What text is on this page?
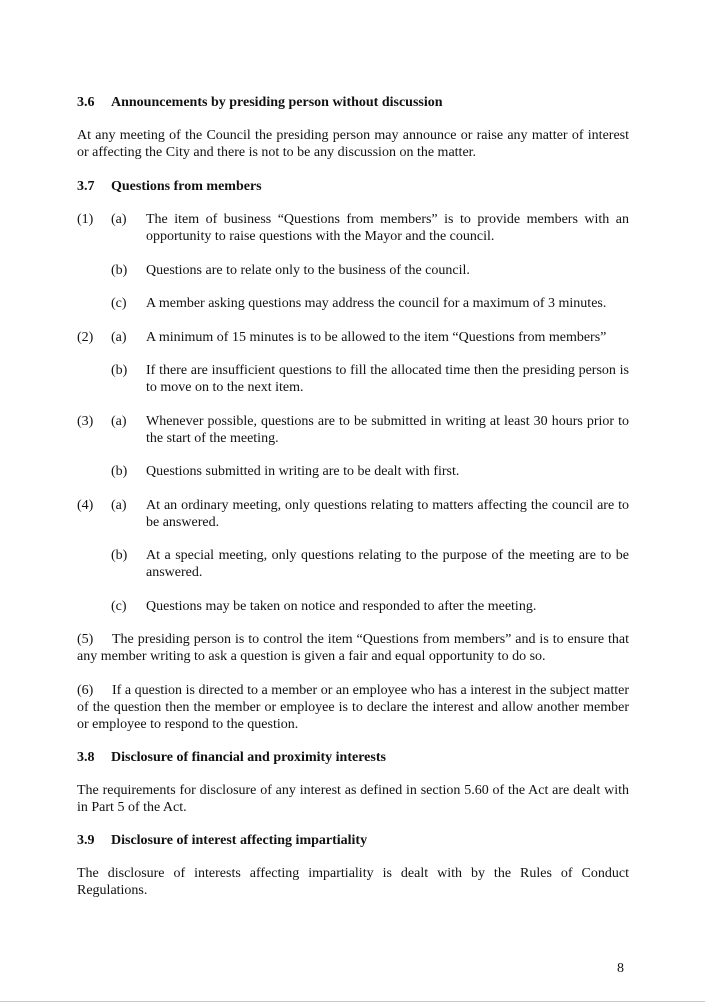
3.6 Announcements by presiding person without discussion

At any meeting of the Council the presiding person may announce or raise any matter of interest or affecting the City and there is not to be any discussion on the matter.

3.7 Questions from members
(1) (a) The item of business “Questions from members” is to provide members with an opportunity to raise questions with the Mayor and the council.
(b) Questions are to relate only to the business of the council.
(c) A member asking questions may address the council for a maximum of 3 minutes.
(2) (a) A minimum of 15 minutes is to be allowed to the item “Questions from members”
(b) If there are insufficient questions to fill the allocated time then the presiding person is to move on to the next item.
(3) (a) Whenever possible, questions are to be submitted in writing at least 30 hours prior to the start of the meeting.
(b) Questions submitted in writing are to be dealt with first.
(4) (a) At an ordinary meeting, only questions relating to matters affecting the council are to be answered.
(b) At a special meeting, only questions relating to the purpose of the meeting are to be answered.
(c) Questions may be taken on notice and responded to after the meeting.

(5) The presiding person is to control the item “Questions from members” and is to ensure that any member writing to ask a question is given a fair and equal opportunity to do so.

(6) If a question is directed to a member or an employee who has a interest in the subject matter of the question then the member or employee is to declare the interest and allow another member or employee to respond to the question.

3.8 Disclosure of financial and proximity interests

The requirements for disclosure of any interest as defined in section 5.60 of the Act are dealt with in Part 5 of the Act.

3.9 Disclosure of interest affecting impartiality

The disclosure of interests affecting impartiality is dealt with by the Rules of Conduct Regulations.

8
